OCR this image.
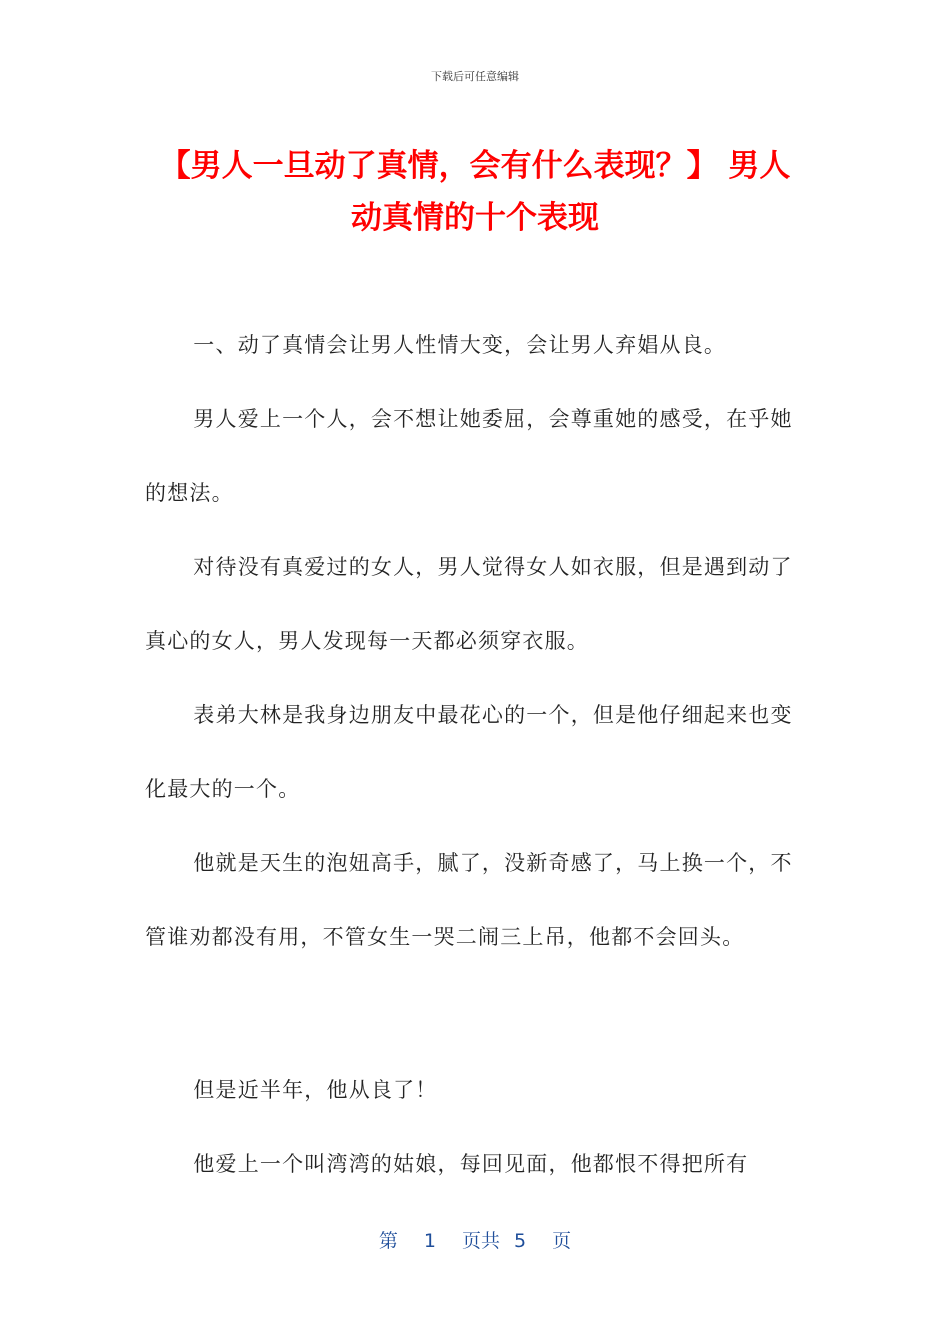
下载后可任意编辑
【男人一旦动了真情，会有什么表现？】 男人动真情的十个表现

一、动了真情会让男人性情大变，会让男人弃娼从良。

男人爱上一个人，会不想让她委屈，会尊重她的感受，在乎她的想法。

对待没有真爱过的女人，男人觉得女人如衣服，但是遇到动了真心的女人，男人发现每一天都必须穿衣服。

表弟大林是我身边朋友中最花心的一个，但是他仔细起来也变化最大的一个。

他就是天生的泡妞高手，腻了，没新奇感了，马上换一个，不管谁劝都没有用，不管女生一哭二闹三上吊，他都不会回头。

但是近半年，他从良了！

他爱上一个叫湾湾的姑娘，每回见面，他都恨不得把所有

第 1 页共 5 页
